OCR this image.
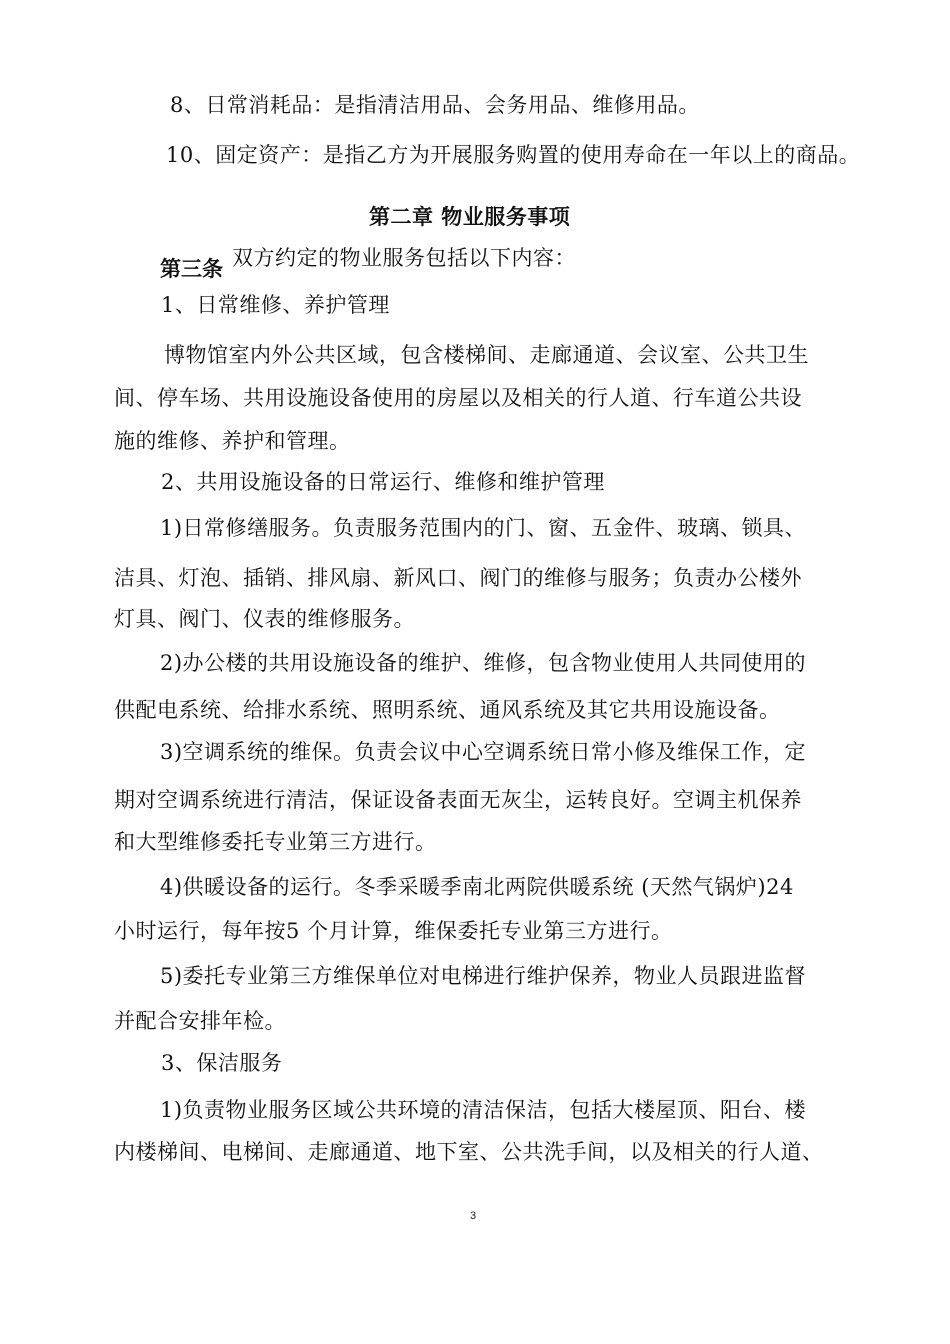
8、日常消耗品：是指清洁用品、会务用品、维修用品。
10、固定资产：是指乙方为开展服务购置的使用寿命在一年以上的商品。
第二章 物业服务事项
第三条 双方约定的物业服务包括以下内容：
1、日常维修、养护管理
博物馆室内外公共区域，包含楼梯间、走廊通道、会议室、公共卫生
间、停车场、共用设施设备使用的房屋以及相关的行人道、行车道公共设
施的维修、养护和管理。
2、共用设施设备的日常运行、维修和维护管理
1)日常修缮服务。负责服务范围内的门、窗、五金件、玻璃、锁具、
洁具、灯泡、插销、排风扇、新风口、阀门的维修与服务；负责办公楼外
灯具、阀门、仪表的维修服务。
2)办公楼的共用设施设备的维护、维修，包含物业使用人共同使用的
供配电系统、给排水系统、照明系统、通风系统及其它共用设施设备。
3)空调系统的维保。负责会议中心空调系统日常小修及维保工作，定
期对空调系统进行清洁，保证设备表面无灰尘，运转良好。空调主机保养
和大型维修委托专业第三方进行。
4)供暖设备的运行。冬季采暖季南北两院供暖系统 (天然气锅炉)24
小时运行，每年按5 个月计算，维保委托专业第三方进行。
5)委托专业第三方维保单位对电梯进行维护保养，物业人员跟进监督
并配合安排年检。
3、保洁服务
1)负责物业服务区域公共环境的清洁保洁，包括大楼屋顶、阳台、楼
内楼梯间、电梯间、走廊通道、地下室、公共洗手间，以及相关的行人道、
3
